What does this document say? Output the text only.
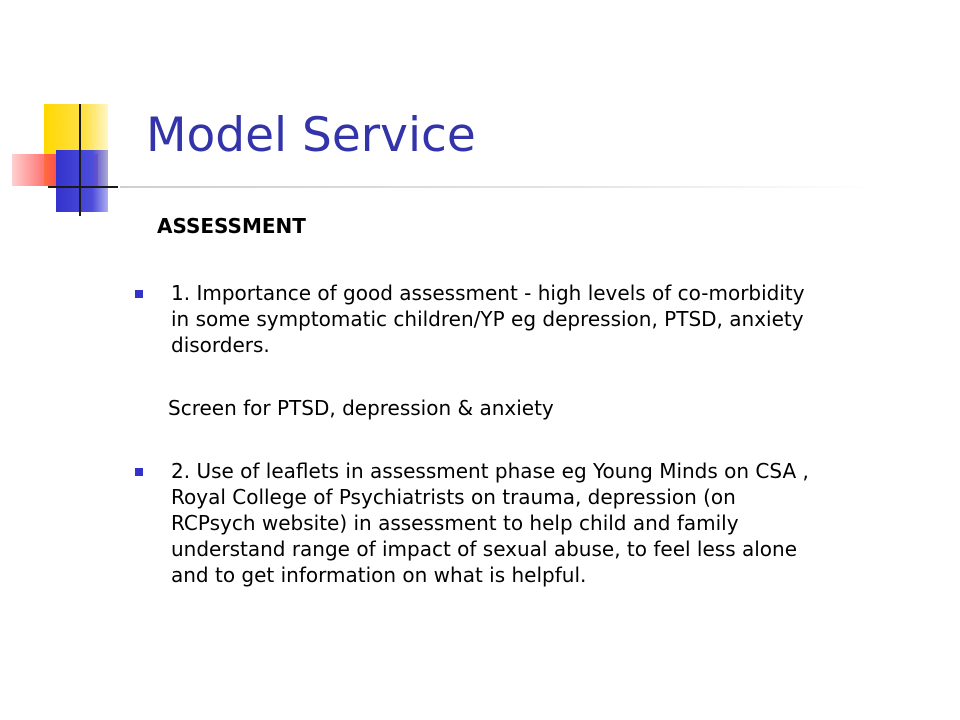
Model Service
ASSESSMENT
1. Importance of good assessment - high levels of co-morbidity
in some symptomatic children/YP eg depression, PTSD, anxiety
disorders.
Screen for PTSD, depression & anxiety
2. Use of leaflets in assessment phase eg Young Minds on CSA ,
Royal College of Psychiatrists on trauma, depression (on
RCPsych website) in assessment to help child and family
understand range of impact of sexual abuse, to feel less alone
and to get information on what is helpful.
